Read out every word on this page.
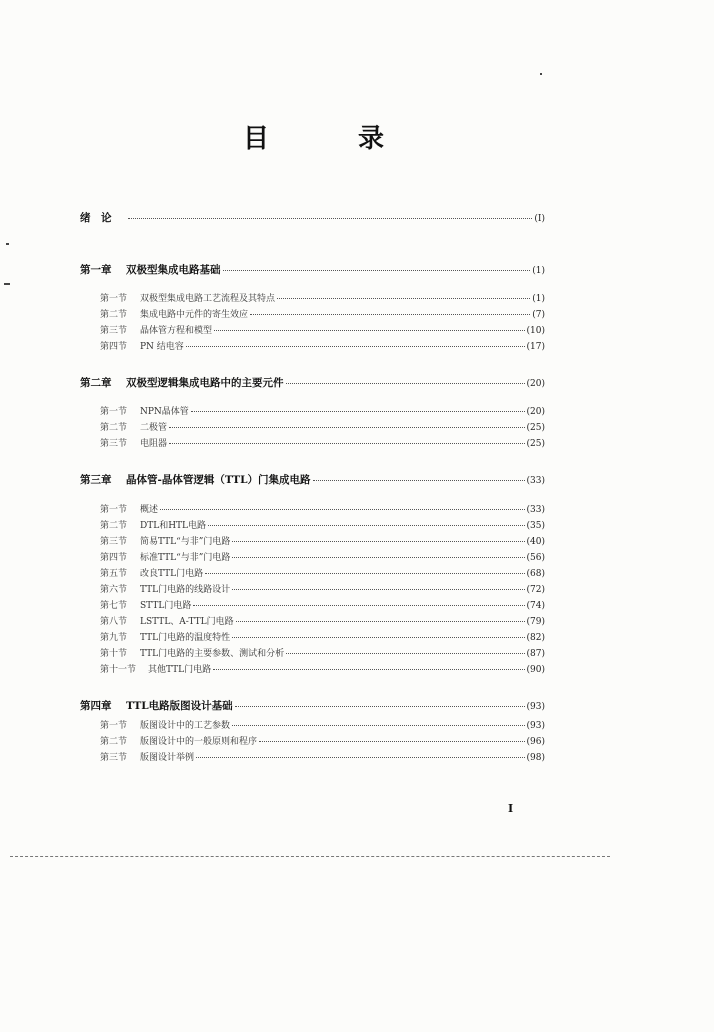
目	录
绪　论	(I)
第一章	双极型集成电路基础	(1)
第一节	双极型集成电路工艺流程及其特点	(1)
第二节	集成电路中元件的寄生效应	(7)
第三节	晶体管方程和模型	(10)
第四节	PN 结电容	(17)
第二章	双极型逻辑集成电路中的主要元件	(20)
第一节	NPN晶体管	(20)
第二节	二极管	(25)
第三节	电阻器	(25)
第三章	晶体管-晶体管逻辑（TTL）门集成电路	(33)
第一节	概述	(33)
第二节	DTL和HTL电路	(35)
第三节	简易TTL“与非”门电路	(40)
第四节	标准TTL“与非”门电路	(56)
第五节	改良TTL门电路	(68)
第六节	TTL门电路的线路设计	(72)
第七节	STTL门电路	(74)
第八节	LSTTL、A-TTL门电路	(79)
第九节	TTL门电路的温度特性	(82)
第十节	TTL门电路的主要参数、测试和分析	(87)
第十一节	其他TTL门电路	(90)
第四章	TTL电路版图设计基础	(93)
第一节	版图设计中的工艺参数	(93)
第二节	版图设计中的一般原则和程序	(96)
第三节	版图设计举例	(98)
I
